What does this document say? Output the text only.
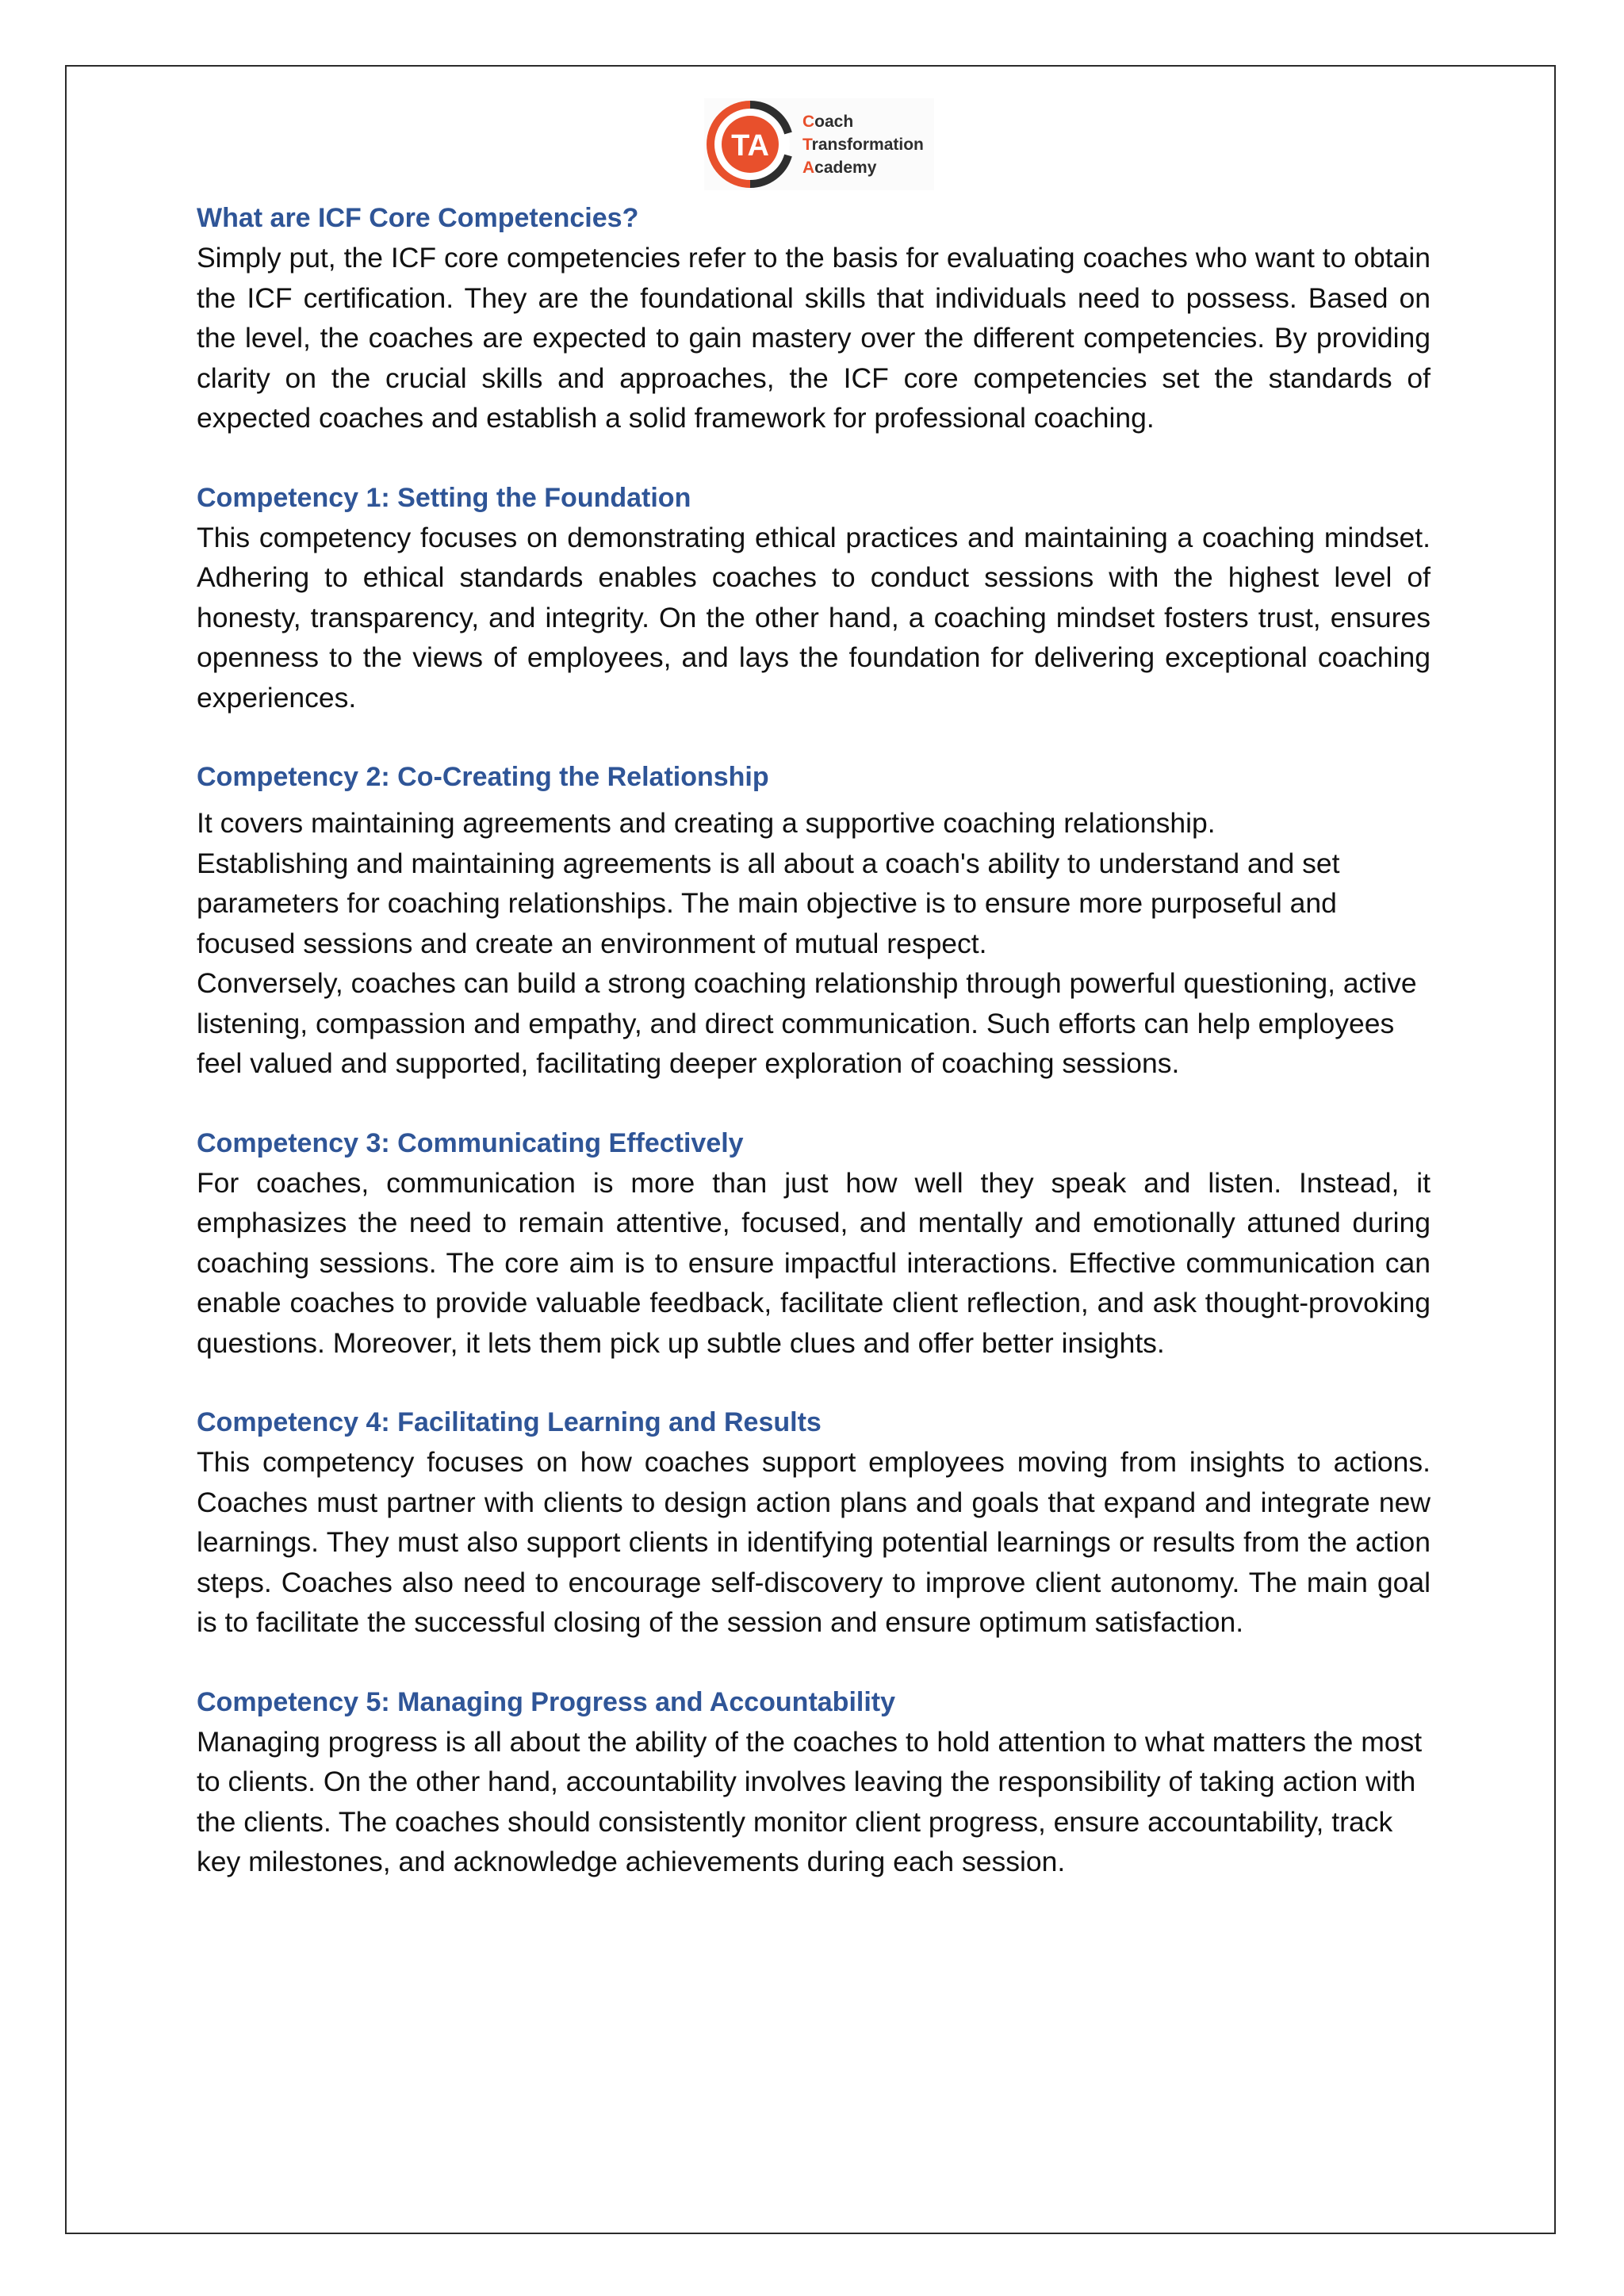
TA
Coach
Transformation
Academy
What are ICF Core Competencies?

Simply put, the ICF core competencies refer to the basis for evaluating coaches who want to obtain the ICF certification. They are the foundational skills that individuals need to possess. Based on the level, the coaches are expected to gain mastery over the different competencies. By providing clarity on the crucial skills and approaches, the ICF core competencies set the standards of expected coaches and establish a solid framework for professional coaching.

Competency 1: Setting the Foundation

This competency focuses on demonstrating ethical practices and maintaining a coaching mindset. Adhering to ethical standards enables coaches to conduct sessions with the highest level of honesty, transparency, and integrity. On the other hand, a coaching mindset fosters trust, ensures openness to the views of employees, and lays the foundation for delivering exceptional coaching experiences.

Competency 2: Co-Creating the Relationship

It covers maintaining agreements and creating a supportive coaching relationship.

Establishing and maintaining agreements is all about a coach's ability to understand and set parameters for coaching relationships. The main objective is to ensure more purposeful and focused sessions and create an environment of mutual respect.

Conversely, coaches can build a strong coaching relationship through powerful questioning, active listening, compassion and empathy, and direct communication. Such efforts can help employees feel valued and supported, facilitating deeper exploration of coaching sessions.

Competency 3: Communicating Effectively

For coaches, communication is more than just how well they speak and listen. Instead, it emphasizes the need to remain attentive, focused, and mentally and emotionally attuned during coaching sessions. The core aim is to ensure impactful interactions. Effective communication can enable coaches to provide valuable feedback, facilitate client reflection, and ask thought-provoking questions. Moreover, it lets them pick up subtle clues and offer better insights.

Competency 4: Facilitating Learning and Results

This competency focuses on how coaches support employees moving from insights to actions. Coaches must partner with clients to design action plans and goals that expand and integrate new learnings. They must also support clients in identifying potential learnings or results from the action steps. Coaches also need to encourage self-discovery to improve client autonomy. The main goal is to facilitate the successful closing of the session and ensure optimum satisfaction.

Competency 5: Managing Progress and Accountability

Managing progress is all about the ability of the coaches to hold attention to what matters the most to clients. On the other hand, accountability involves leaving the responsibility of taking action with the clients. The coaches should consistently monitor client progress, ensure accountability, track key milestones, and acknowledge achievements during each session.
